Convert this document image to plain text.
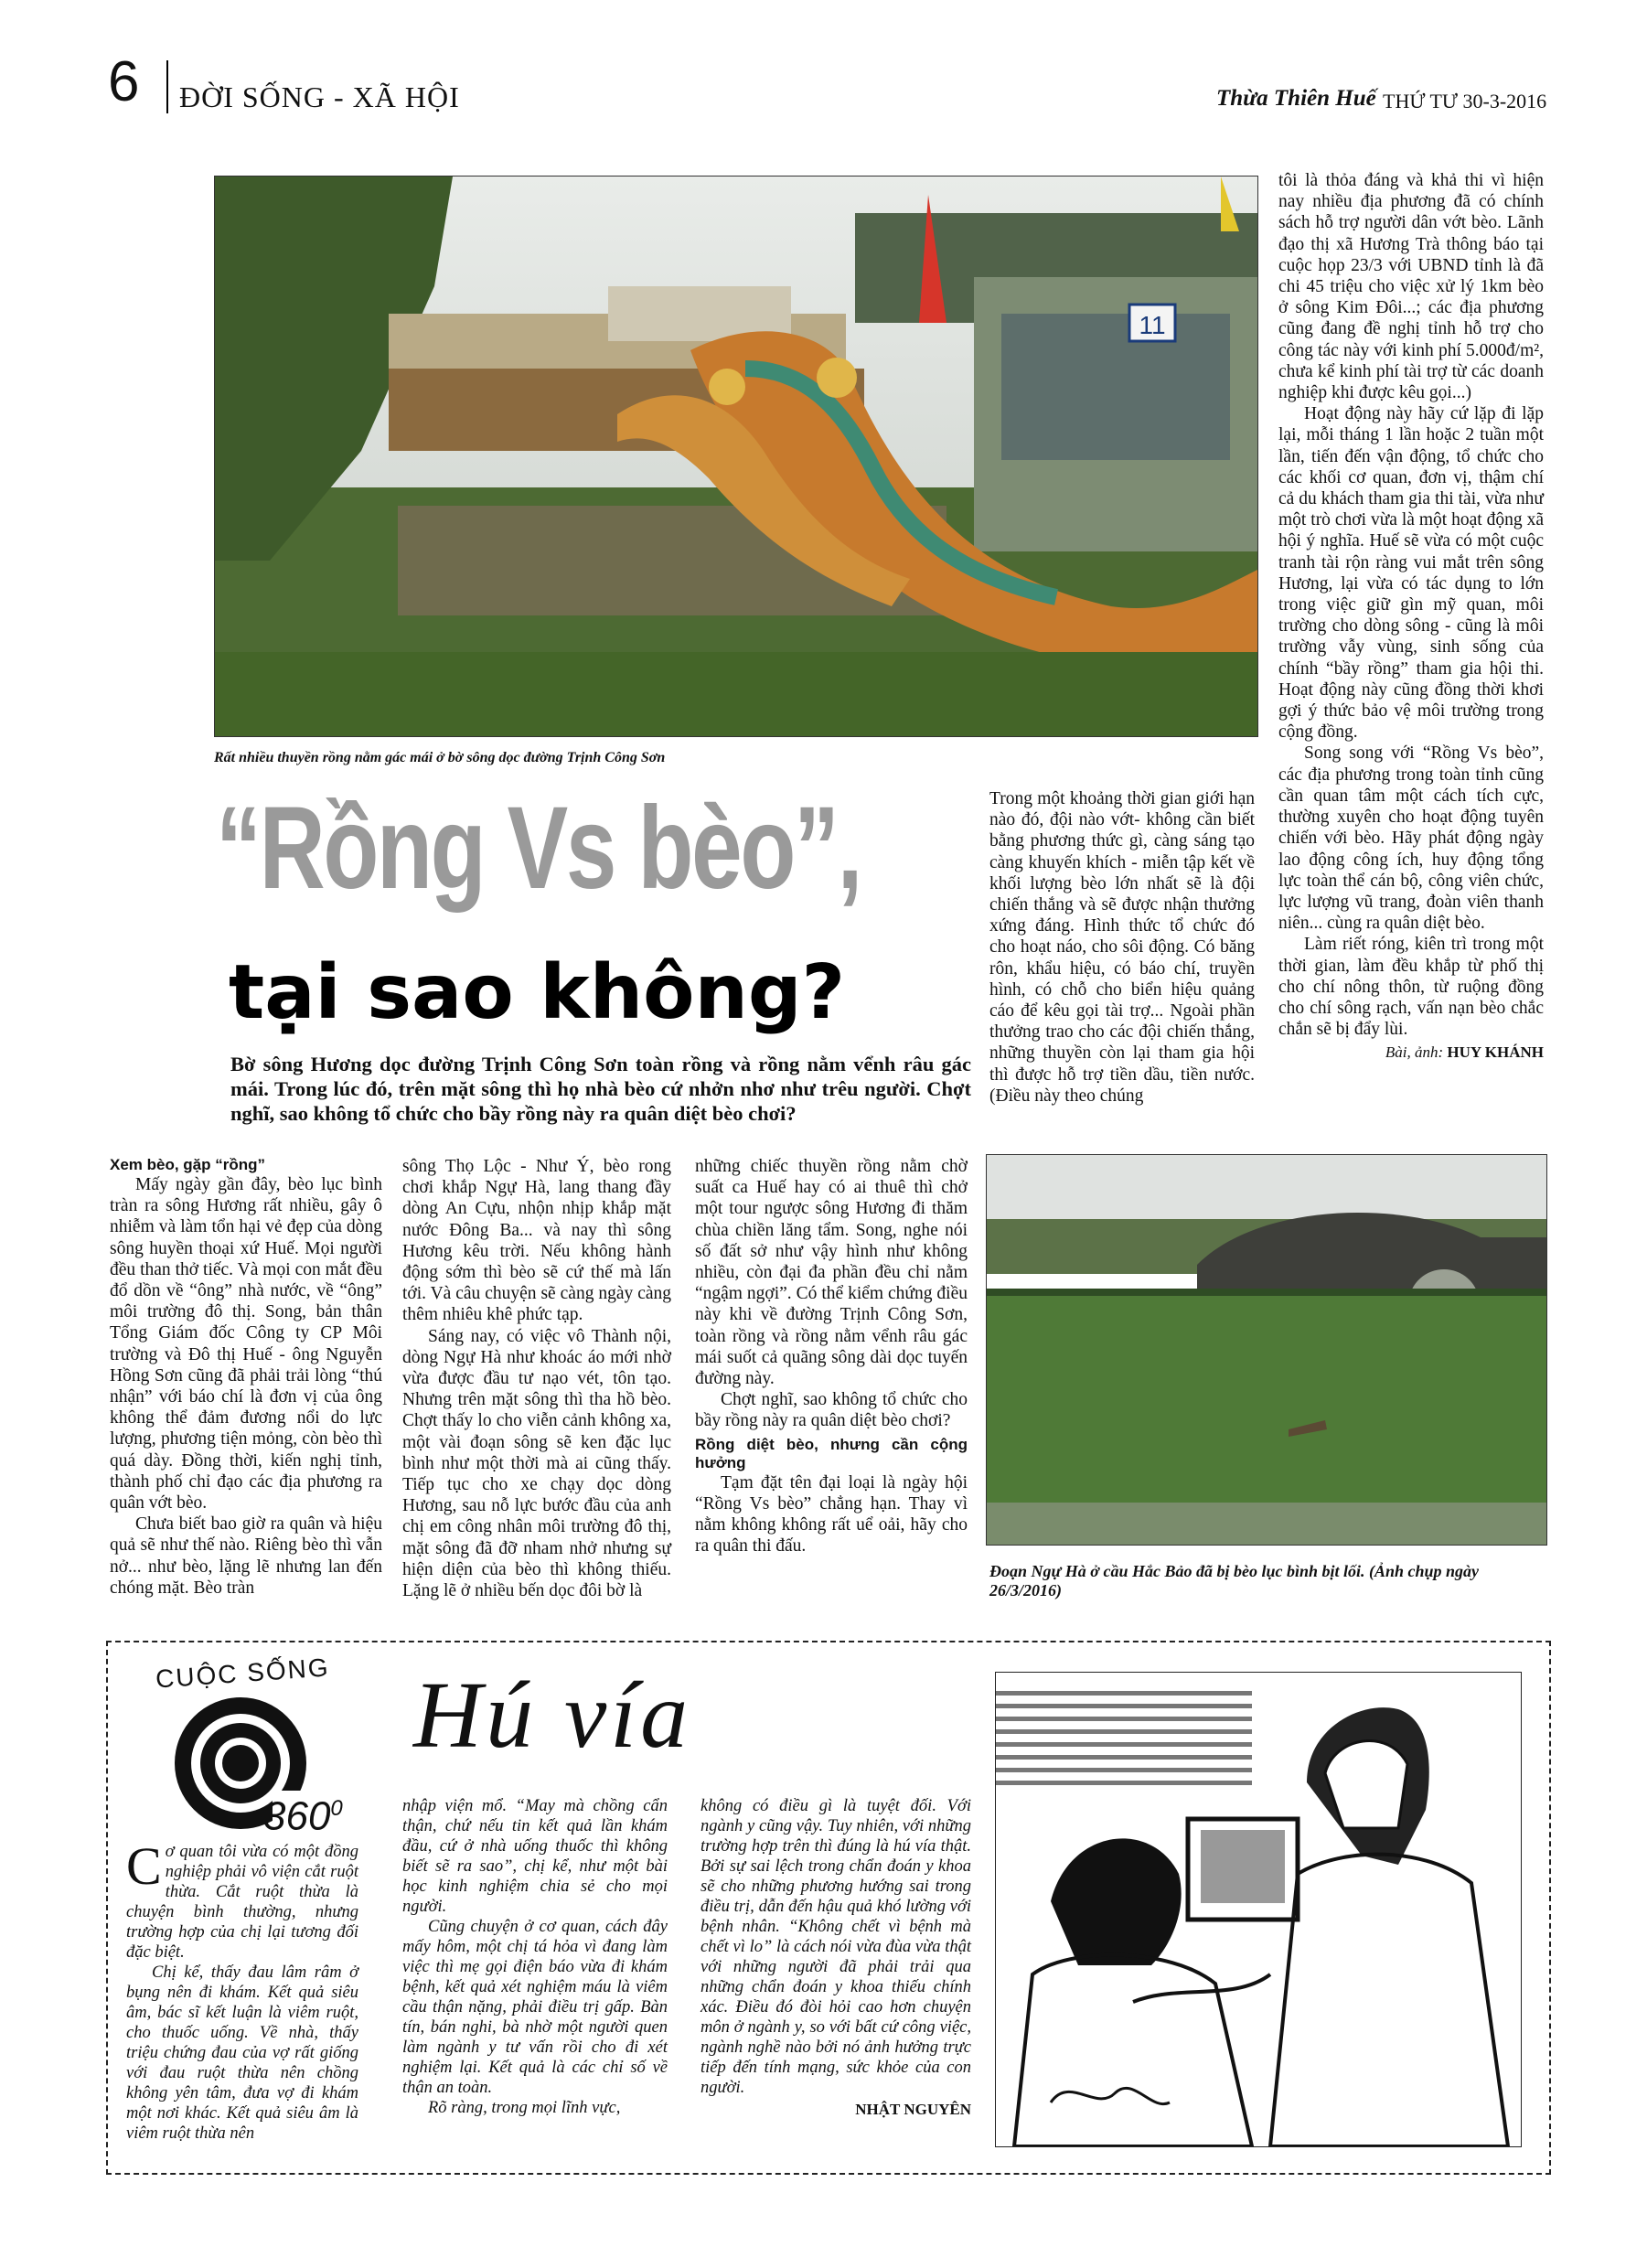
6 ĐỜI SỐNG - XÃ HỘI	Thừa Thiên Huế THỨ TƯ 30-3-2016
11
Rất nhiều thuyền rồng nằm gác mái ở bờ sông dọc đường Trịnh Công Sơn
“Rồng Vs bèo”,
tại sao không?
Bờ sông Hương dọc đường Trịnh Công Sơn toàn rồng và rồng nằm vểnh râu gác mái. Trong lúc đó, trên mặt sông thì họ nhà bèo cứ nhởn nhơ như trêu người. Chợt nghĩ, sao không tổ chức cho bầy rồng này ra quân diệt bèo chơi?
Xem bèo, gặp “rồng”

Mấy ngày gần đây, bèo lục bình tràn ra sông Hương rất nhiều, gây ô nhiễm và làm tổn hại vẻ đẹp của dòng sông huyền thoại xứ Huế. Mọi người đều than thở tiếc. Và mọi con mắt đều đổ dồn về “ông” nhà nước, về “ông” môi trường đô thị. Song, bản thân Tổng Giám đốc Công ty CP Môi trường và Đô thị Huế - ông Nguyễn Hồng Sơn cũng đã phải trải lòng “thú nhận” với báo chí là đơn vị của ông không thể đảm đương nổi do lực lượng, phương tiện mỏng, còn bèo thì quá dày. Đồng thời, kiến nghị tỉnh, thành phố chỉ đạo các địa phương ra quân vớt bèo.

Chưa biết bao giờ ra quân và hiệu quả sẽ như thế nào. Riêng bèo thì vẫn nở... như bèo, lặng lẽ nhưng lan đến chóng mặt. Bèo tràn

sông Thọ Lộc - Như Ý, bèo rong chơi khắp Ngự Hà, lang thang đầy dòng An Cựu, nhộn nhịp khắp mặt nước Đông Ba... và nay thì sông Hương kêu trời. Nếu không hành động sớm thì bèo sẽ cứ thế mà lấn tới. Và câu chuyện sẽ càng ngày càng thêm nhiêu khê phức tạp.

Sáng nay, có việc vô Thành nội, dòng Ngự Hà như khoác áo mới nhờ vừa được đầu tư nạo vét, tôn tạo. Nhưng trên mặt sông thì tha hồ bèo. Chợt thấy lo cho viễn cảnh không xa, một vài đoạn sông sẽ ken đặc lục bình như một thời mà ai cũng thấy. Tiếp tục cho xe chạy dọc dòng Hương, sau nỗ lực bước đầu của anh chị em công nhân môi trường đô thị, mặt sông đã đỡ nham nhở nhưng sự hiện diện của bèo thì không thiếu. Lặng lẽ ở nhiều bến dọc đôi bờ là

những chiếc thuyền rồng nằm chờ suất ca Huế hay có ai thuê thì chở một tour ngược sông Hương đi thăm chùa chiền lăng tẩm. Song, nghe nói số đất sở như vậy hình như không nhiều, còn đại đa phần đều chỉ nằm “ngậm ngợi”. Có thể kiểm chứng điều này khi về đường Trịnh Công Sơn, toàn rồng và rồng nằm vểnh râu gác mái suốt cả quãng sông dài dọc tuyến đường này.

Chợt nghĩ, sao không tổ chức cho bầy rồng này ra quân diệt bèo chơi?

Rồng diệt bèo, nhưng cần cộng hưởng

Tạm đặt tên đại loại là ngày hội “Rồng Vs bèo” chẳng hạn. Thay vì nằm không không rất uể oải, hãy cho ra quân thi đấu.

Trong một khoảng thời gian giới hạn nào đó, đội nào vớt- không cần biết bằng phương thức gì, càng sáng tạo càng khuyến khích - miễn tập kết về khối lượng bèo lớn nhất sẽ là đội chiến thắng và sẽ được nhận thưởng xứng đáng. Hình thức tổ chức đó cho hoạt náo, cho sôi động. Có băng rôn, khẩu hiệu, có báo chí, truyền hình, có chỗ cho biển hiệu quảng cáo để kêu gọi tài trợ... Ngoài phần thưởng trao cho các đội chiến thắng, những thuyền còn lại tham gia hội thì được hỗ trợ tiền dầu, tiền nước. (Điều này theo chúng

tôi là thỏa đáng và khả thi vì hiện nay nhiều địa phương đã có chính sách hỗ trợ người dân vớt bèo. Lãnh đạo thị xã Hương Trà thông báo tại cuộc họp 23/3 với UBND tỉnh là đã chi 45 triệu cho việc xử lý 1km bèo ở sông Kim Đôi...; các địa phương cũng đang đề nghị tỉnh hỗ trợ cho công tác này với kinh phí 5.000đ/m², chưa kể kinh phí tài trợ từ các doanh nghiệp khi được kêu gọi...)

Hoạt động này hãy cứ lặp đi lặp lại, mỗi tháng 1 lần hoặc 2 tuần một lần, tiến đến vận động, tổ chức cho các khối cơ quan, đơn vị, thậm chí cả du khách tham gia thi tài, vừa như một trò chơi vừa là một hoạt động xã hội ý nghĩa. Huế sẽ vừa có một cuộc tranh tài rộn ràng vui mắt trên sông Hương, lại vừa có tác dụng to lớn trong việc giữ gìn mỹ quan, môi trường cho dòng sông - cũng là môi trường vẫy vùng, sinh sống của chính “bầy rồng” tham gia hội thi. Hoạt động này cũng đồng thời khơi gợi ý thức bảo vệ môi trường trong cộng đồng.

Song song với “Rồng Vs bèo”, các địa phương trong toàn tỉnh cũng cần quan tâm một cách tích cực, thường xuyên cho hoạt động tuyên chiến với bèo. Hãy phát động ngày lao động công ích, huy động tổng lực toàn thể cán bộ, công viên chức, lực lượng vũ trang, đoàn viên thanh niên... cùng ra quân diệt bèo.

Làm riết róng, kiên trì trong một thời gian, làm đều khắp từ phố thị cho chí nông thôn, từ ruộng đồng cho chí sông rạch, vấn nạn bèo chắc chắn sẽ bị đẩy lùi.

Bài, ảnh: HUY KHÁNH
Đoạn Ngự Hà ở cầu Hắc Bảo đã bị bèo lục bình bịt lối. (Ảnh chụp ngày 26/3/2016)
CUỘC SỐNG
$360^0$
Hú vía

Cơ quan tôi vừa có một đồng nghiệp phải vô viện cắt ruột thừa. Cắt ruột thừa là chuyện bình thường, nhưng trường hợp của chị lại tương đối đặc biệt.

Chị kể, thấy đau lâm râm ở bụng nên đi khám. Kết quả siêu âm, bác sĩ kết luận là viêm ruột, cho thuốc uống. Về nhà, thấy triệu chứng đau của vợ rất giống với đau ruột thừa nên chồng không yên tâm, đưa vợ đi khám một nơi khác. Kết quả siêu âm là viêm ruột thừa nên

nhập viện mổ. “May mà chồng cẩn thận, chứ nếu tin kết quả lần khám đầu, cứ ở nhà uống thuốc thì không biết sẽ ra sao”, chị kể, như một bài học kinh nghiệm chia sẻ cho mọi người.

Cũng chuyện ở cơ quan, cách đây mấy hôm, một chị tá hỏa vì đang làm việc thì mẹ gọi điện báo vừa đi khám bệnh, kết quả xét nghiệm máu là viêm cầu thận nặng, phải điều trị gấp. Bàn tín, bán nghi, bà nhờ một người quen làm ngành y tư vấn rồi cho đi xét nghiệm lại. Kết quả là các chỉ số về thận an toàn.

Rõ ràng, trong mọi lĩnh vực,

không có điều gì là tuyệt đối. Với ngành y cũng vậy. Tuy nhiên, với những trường hợp trên thì đúng là hú vía thật. Bởi sự sai lệch trong chẩn đoán y khoa sẽ cho những phương hướng sai trong điều trị, dẫn đến hậu quả khó lường với bệnh nhân. “Không chết vì bệnh mà chết vì lo” là cách nói vừa đùa vừa thật với những người đã phải trải qua những chẩn đoán y khoa thiếu chính xác. Điều đó đòi hỏi cao hơn chuyện môn ở ngành y, so với bất cứ công việc, ngành nghề nào bởi nó ảnh hưởng trực tiếp đến tính mạng, sức khỏe của con người.

NHẬT NGUYÊN
